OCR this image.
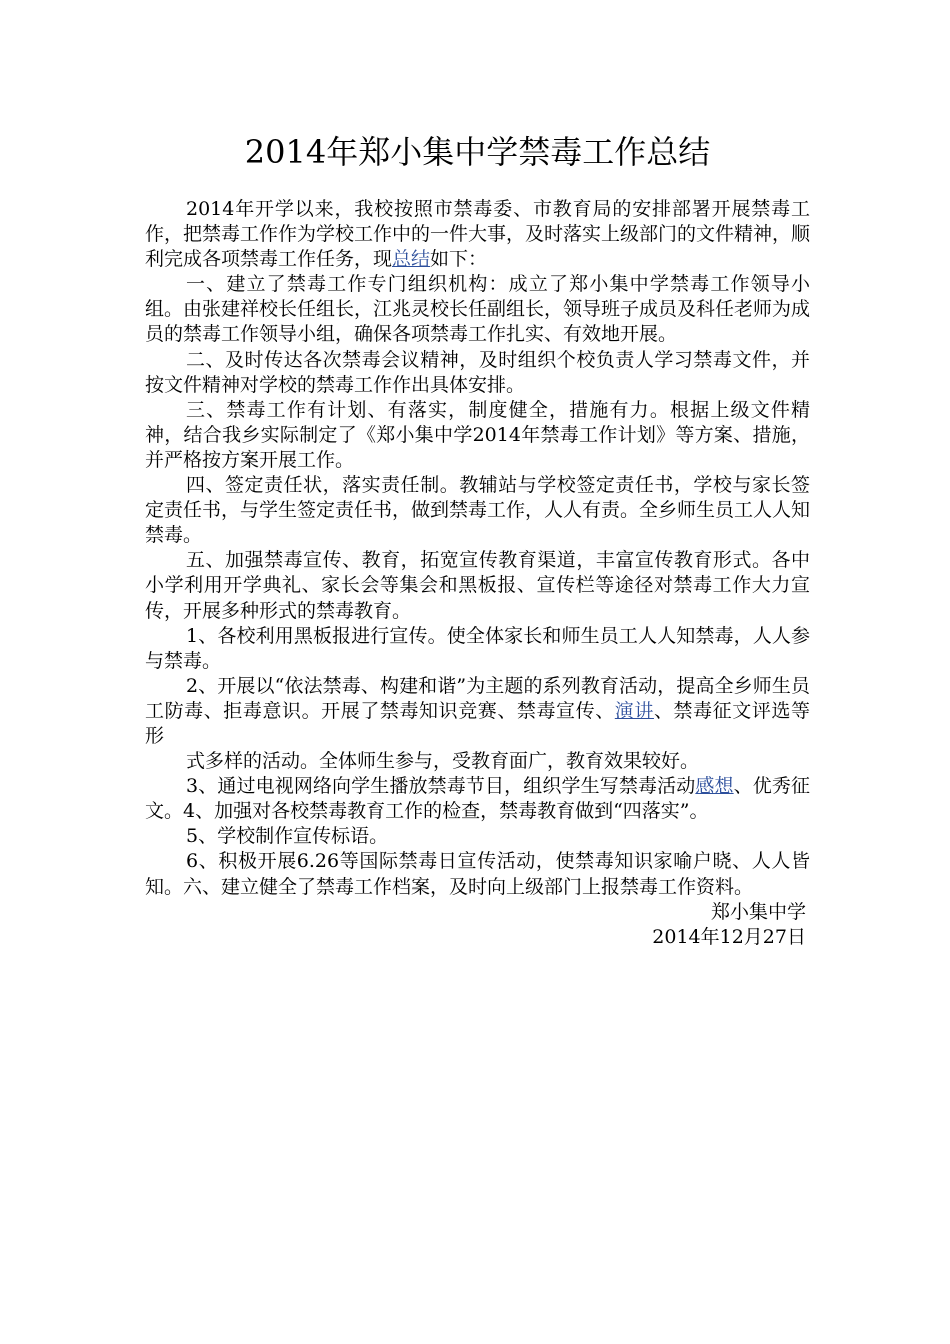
2014年郑小集中学禁毒工作总结

2014年开学以来，我校按照市禁毒委、市教育局的安排部署开展禁毒工作，把禁毒工作作为学校工作中的一件大事，及时落实上级部门的文件精神，顺利完成各项禁毒工作任务，现总结如下：

一、建立了禁毒工作专门组织机构：成立了郑小集中学禁毒工作领导小组。由张建祥校长任组长，江兆灵校长任副组长，领导班子成员及科任老师为成员的禁毒工作领导小组，确保各项禁毒工作扎实、有效地开展。

二、及时传达各次禁毒会议精神，及时组织个校负责人学习禁毒文件，并按文件精神对学校的禁毒工作作出具体安排。

三、禁毒工作有计划、有落实，制度健全，措施有力。根据上级文件精神，结合我乡实际制定了《郑小集中学2014年禁毒工作计划》等方案、措施，并严格按方案开展工作。

四、签定责任状，落实责任制。教辅站与学校签定责任书，学校与家长签定责任书，与学生签定责任书，做到禁毒工作，人人有责。全乡师生员工人人知禁毒。

五、加强禁毒宣传、教育，拓宽宣传教育渠道，丰富宣传教育形式。各中小学利用开学典礼、家长会等集会和黑板报、宣传栏等途径对禁毒工作大力宣传，开展多种形式的禁毒教育。

1、各校利用黑板报进行宣传。使全体家长和师生员工人人知禁毒，人人参与禁毒。

2、开展以“依法禁毒、构建和谐”为主题的系列教育活动，提高全乡师生员工防毒、拒毒意识。开展了禁毒知识竞赛、禁毒宣传、演讲、禁毒征文评选等形

式多样的活动。全体师生参与，受教育面广，教育效果较好。

3、通过电视网络向学生播放禁毒节目，组织学生写禁毒活动感想、优秀征文。4、加强对各校禁毒教育工作的检查，禁毒教育做到“四落实”。

5、学校制作宣传标语。

6、积极开展6.26等国际禁毒日宣传活动，使禁毒知识家喻户晓、人人皆知。六、建立健全了禁毒工作档案，及时向上级部门上报禁毒工作资料。

郑小集中学

2014年12月27日
